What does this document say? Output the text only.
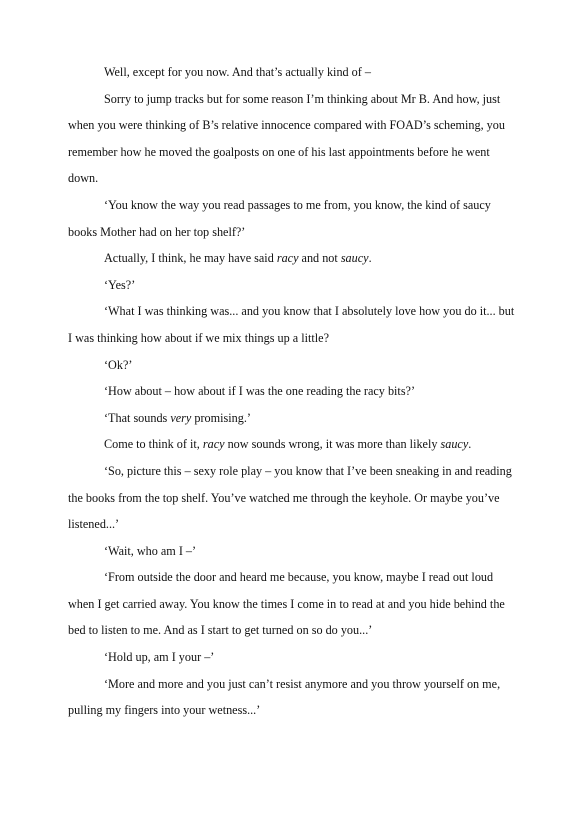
Well, except for you now. And that’s actually kind of –

Sorry to jump tracks but for some reason I’m thinking about Mr B. And how, just when you were thinking of B’s relative innocence compared with FOAD’s scheming, you remember how he moved the goalposts on one of his last appointments before he went down.

‘You know the way you read passages to me from, you know, the kind of saucy books Mother had on her top shelf?’

Actually, I think, he may have said racy and not saucy.

‘Yes?’

‘What I was thinking was... and you know that I absolutely love how you do it... but I was thinking how about if we mix things up a little?

‘Ok?’

‘How about – how about if I was the one reading the racy bits?’

‘That sounds very promising.’

Come to think of it, racy now sounds wrong, it was more than likely saucy.

‘So, picture this – sexy role play – you know that I’ve been sneaking in and reading the books from the top shelf. You’ve watched me through the keyhole. Or maybe you’ve listened...’

‘Wait, who am I –’

‘From outside the door and heard me because, you know, maybe I read out loud when I get carried away. You know the times I come in to read at and you hide behind the bed to listen to me. And as I start to get turned on so do you...’

‘Hold up, am I your –’

‘More and more and you just can’t resist anymore and you throw yourself on me, pulling my fingers into your wetness...’
